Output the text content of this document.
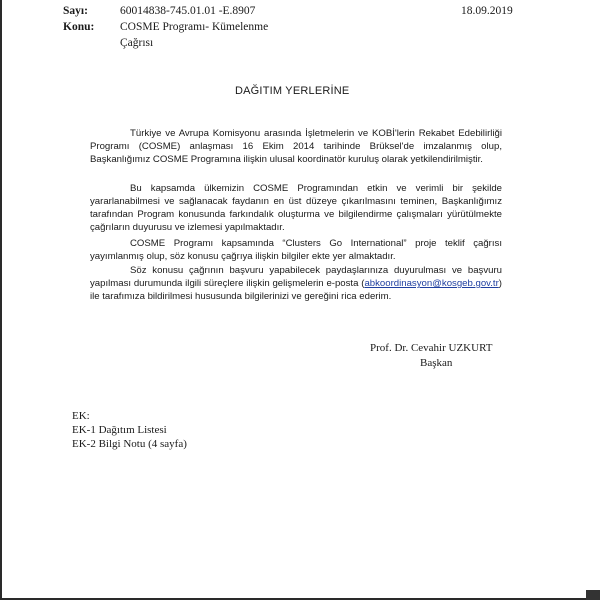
Sayı:	60014838-745.01.01 -E.8907	18.09.2019
Konu: COSME Programı- Kümelenme
Çağrısı
DAĞITIM YERLERİNE
Türkiye ve Avrupa Komisyonu arasında İşletmelerin ve KOBİ'lerin Rekabet Edebilirliği Programı (COSME) anlaşması 16 Ekim 2014 tarihinde Brüksel'de imzalanmış olup, Başkanlığımız COSME Programına ilişkin ulusal koordinatör kuruluş olarak yetkilendirilmiştir.
Bu kapsamda ülkemizin COSME Programından etkin ve verimli bir şekilde yararlanabilmesi ve sağlanacak faydanın en üst düzeye çıkarılmasını teminen, Başkanlığımız tarafından Program konusunda farkındalık oluşturma ve bilgilendirme çalışmaları yürütülmekte çağrıların duyurusu ve izlemesi yapılmaktadır.
COSME Programı kapsamında “Clusters Go International” proje teklif çağrısı yayımlanmış olup, söz konusu çağrıya ilişkin bilgiler ekte yer almaktadır.
Söz konusu çağrının başvuru yapabilecek paydaşlarınıza duyurulması ve başvuru yapılması durumunda ilgili süreçlere ilişkin gelişmelerin e-posta (abkoordinasyon@kosgeb.gov.tr) ile tarafımıza bildirilmesi hususunda bilgilerinizi ve gereğini rica ederim.
Prof. Dr. Cevahir UZKURT
Başkan
EK:
EK-1 Dağıtım Listesi
EK-2 Bilgi Notu (4 sayfa)
